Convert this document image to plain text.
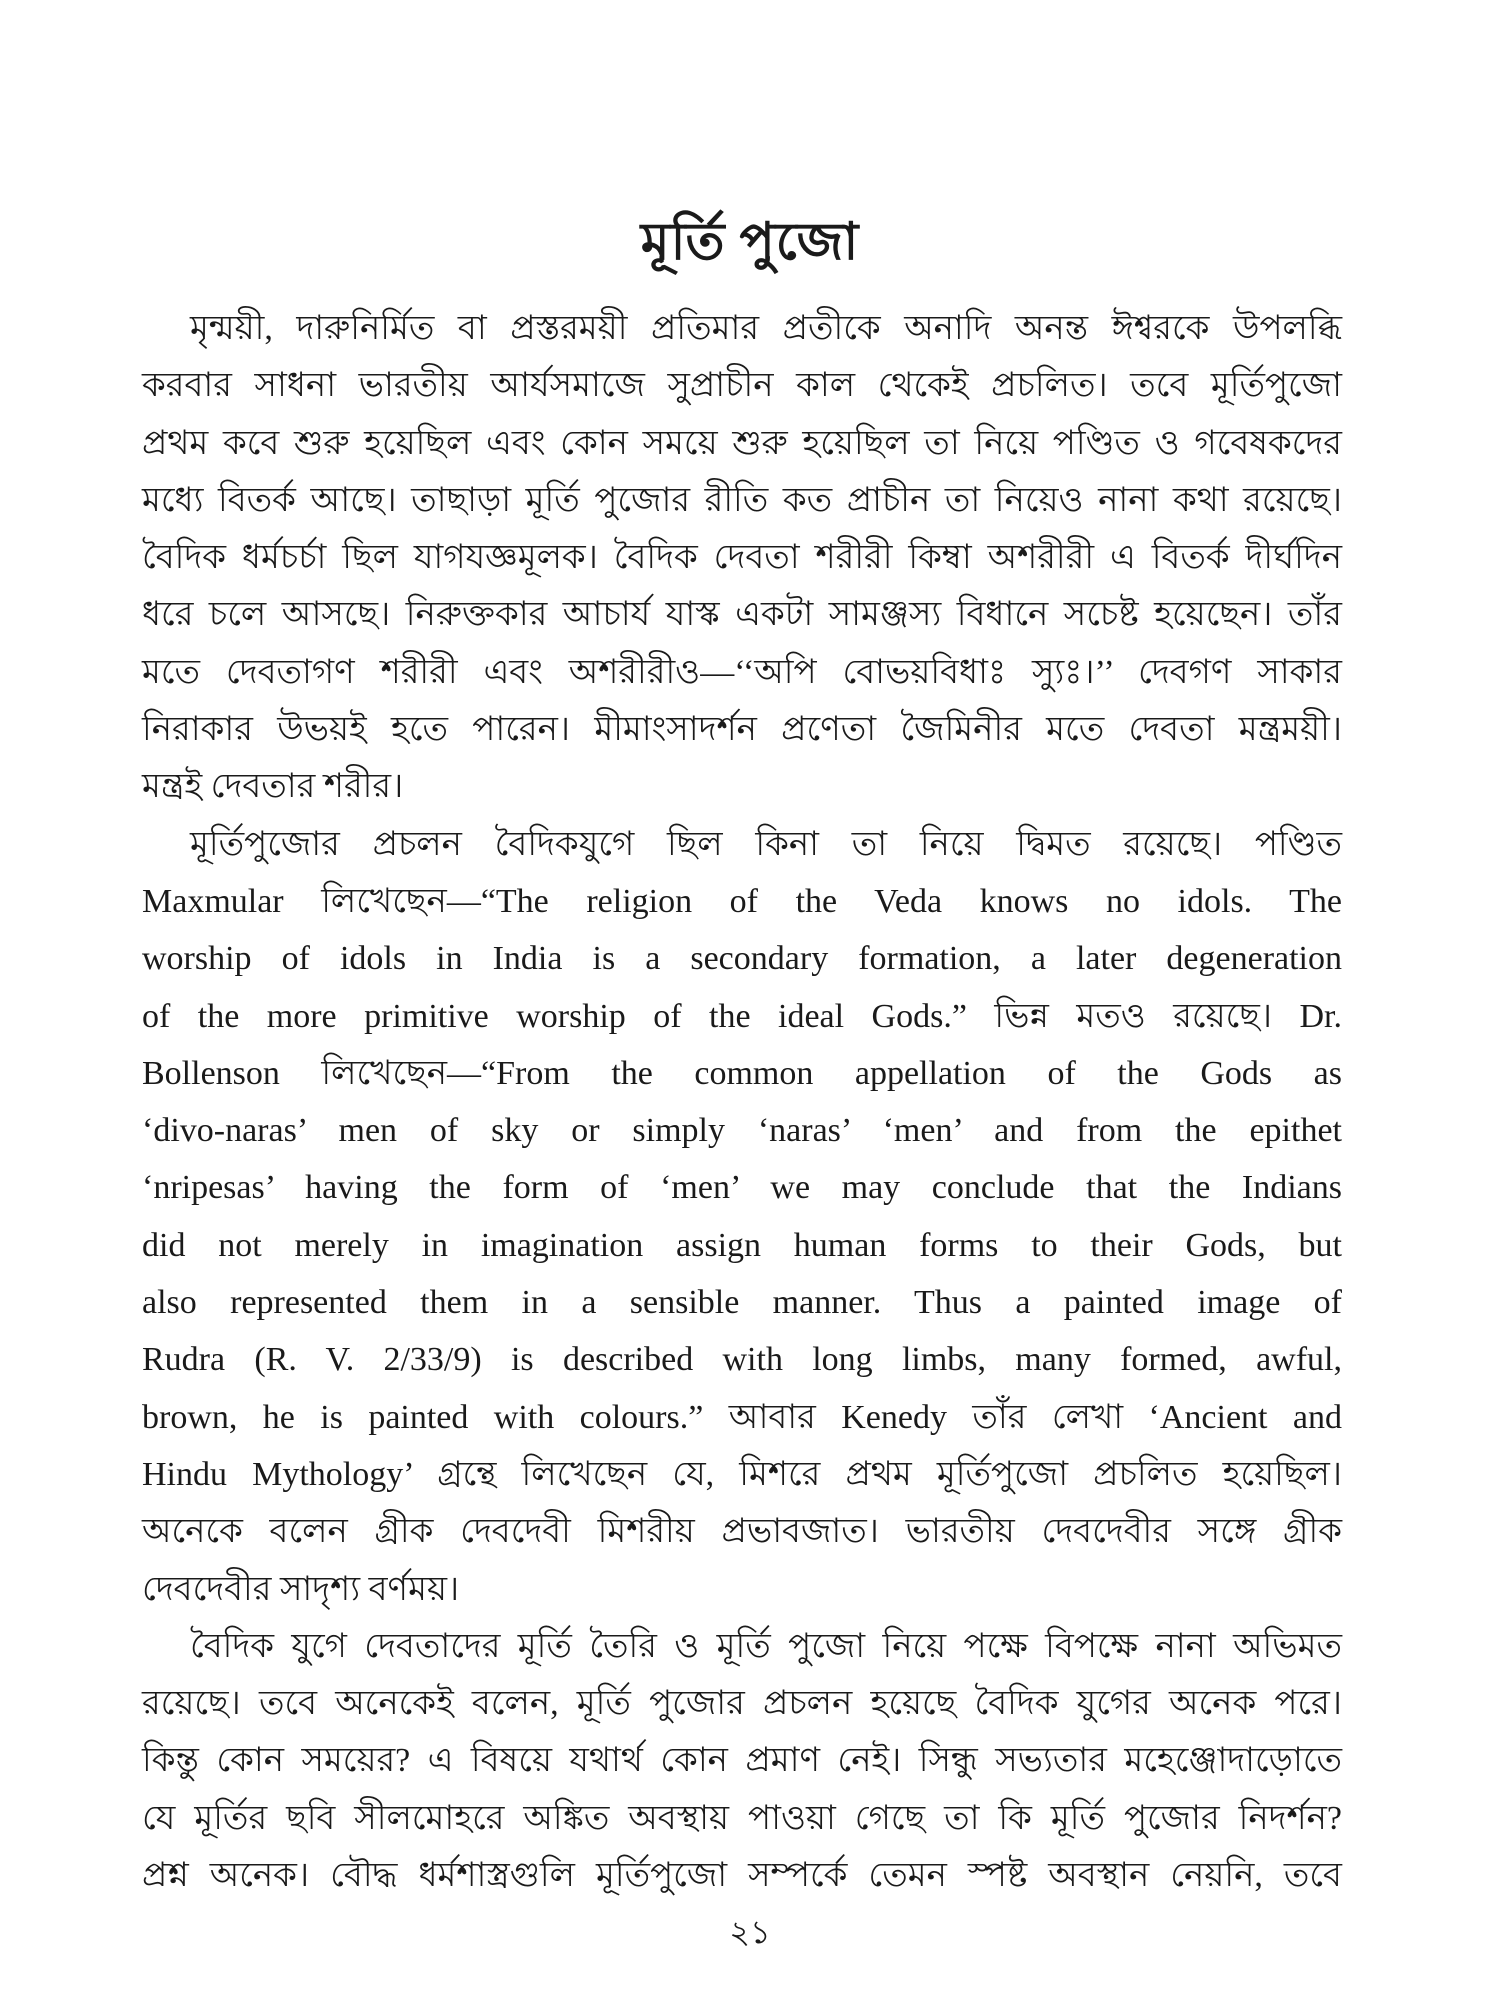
মূর্তি পুজো

মৃন্ময়ী, দারুনির্মিত বা প্রস্তরময়ী প্রতিমার প্রতীকে অনাদি অনন্ত ঈশ্বরকে উপলব্ধি
করবার সাধনা ভারতীয় আর্যসমাজে সুপ্রাচীন কাল থেকেই প্রচলিত। তবে মূর্তিপুজো
প্রথম কবে শুরু হয়েছিল এবং কোন সময়ে শুরু হয়েছিল তা নিয়ে পণ্ডিত ও গবেষকদের
মধ্যে বিতর্ক আছে। তাছাড়া মূর্তি পুজোর রীতি কত প্রাচীন তা নিয়েও নানা কথা রয়েছে।
বৈদিক ধর্মচর্চা ছিল যাগযজ্ঞমূলক। বৈদিক দেবতা শরীরী কিম্বা অশরীরী এ বিতর্ক দীর্ঘদিন
ধরে চলে আসছে। নিরুক্তকার আচার্য যাস্ক একটা সামঞ্জস্য বিধানে সচেষ্ট হয়েছেন। তাঁর
মতে দেবতাগণ শরীরী এবং অশরীরীও—‘‘অপি বোভয়বিধাঃ স্যুঃ।’’ দেবগণ সাকার
নিরাকার উভয়ই হতে পারেন। মীমাংসাদর্শন প্রণেতা জৈমিনীর মতে দেবতা মন্ত্রময়ী।
মন্ত্রই দেবতার শরীর।

মূর্তিপুজোর প্রচলন বৈদিকযুগে ছিল কিনা তা নিয়ে দ্বিমত রয়েছে। পণ্ডিত
Maxmular লিখেছেন—“The religion of the Veda knows no idols. The
worship of idols in India is a secondary formation, a later degeneration
of the more primitive worship of the ideal Gods.” ভিন্ন মতও রয়েছে। Dr.
Bollenson লিখেছেন—“From the common appellation of the Gods as
‘divo-naras’ men of sky or simply ‘naras’ ‘men’ and from the epithet
‘nripesas’ having the form of ‘men’ we may conclude that the Indians
did not merely in imagination assign human forms to their Gods, but
also represented them in a sensible manner. Thus a painted image of
Rudra (R. V. 2/33/9) is described with long limbs, many formed, awful,
brown, he is painted with colours.” আবার Kenedy তাঁর লেখা ‘Ancient and
Hindu Mythology’ গ্রন্থে লিখেছেন যে, মিশরে প্রথম মূর্তিপুজো প্রচলিত হয়েছিল।
অনেকে বলেন গ্রীক দেবদেবী মিশরীয় প্রভাবজাত। ভারতীয় দেবদেবীর সঙ্গে গ্রীক
দেবদেবীর সাদৃশ্য বর্ণময়।

বৈদিক যুগে দেবতাদের মূর্তি তৈরি ও মূর্তি পুজো নিয়ে পক্ষে বিপক্ষে নানা অভিমত
রয়েছে। তবে অনেকেই বলেন, মূর্তি পুজোর প্রচলন হয়েছে বৈদিক যুগের অনেক পরে।
কিন্তু কোন সময়ের? এ বিষয়ে যথার্থ কোন প্রমাণ নেই। সিন্ধু সভ্যতার মহেঞ্জোদাড়োতে
যে মূর্তির ছবি সীলমোহরে অঙ্কিত অবস্থায় পাওয়া গেছে তা কি মূর্তি পুজোর নিদর্শন?
প্রশ্ন অনেক। বৌদ্ধ ধর্মশাস্ত্রগুলি মূর্তিপুজো সম্পর্কে তেমন স্পষ্ট অবস্থান নেয়নি, তবে

২১
